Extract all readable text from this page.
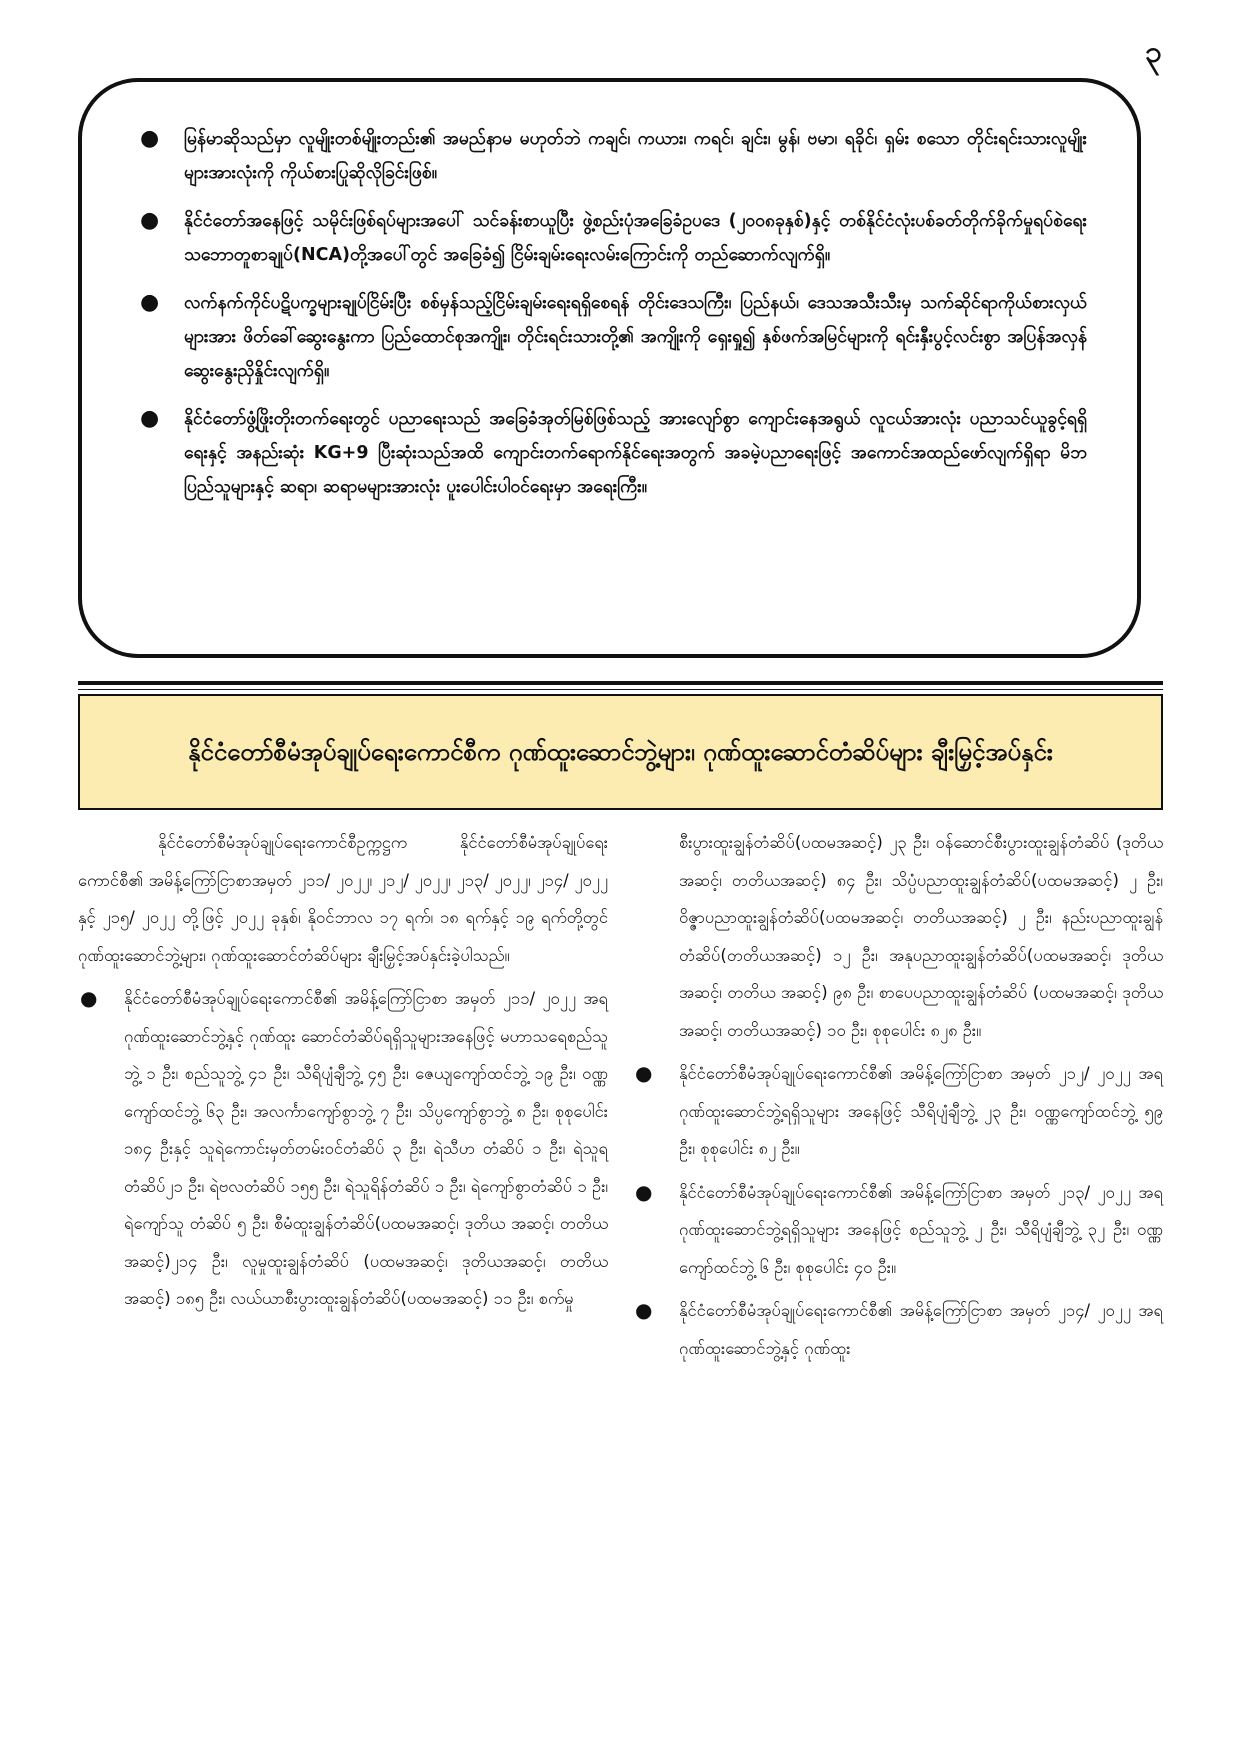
၃
● မြန်မာဆိုသည်မှာ လူမျိုးတစ်မျိုးတည်း၏ အမည်နာမ မဟုတ်ဘဲ ကချင်၊ ကယား၊ ကရင်၊ ချင်း၊ မွန်၊ ဗမာ၊ ရခိုင်၊ ရှမ်း စသော တိုင်းရင်းသားလူမျိုးများအားလုံးကို ကိုယ်စားပြုဆိုလိုခြင်းဖြစ်။
● နိုင်ငံတော်အနေဖြင့် သမိုင်းဖြစ်ရပ်များအပေါ် သင်ခန်းစာယူပြီး ဖွဲ့စည်းပုံအခြေခံဥပဒေ (၂၀၀၈ခုနှစ်)နှင့် တစ်နိုင်ငံလုံးပစ်ခတ်တိုက်ခိုက်မှုရပ်စဲရေးသဘောတူစာချုပ်(NCA)တို့အပေါ်တွင် အခြေခံ၍ ငြိမ်းချမ်းရေးလမ်းကြောင်းကို တည်ဆောက်လျက်ရှိ။
● လက်နက်ကိုင်ပဋိပက္ခများချုပ်ငြိမ်းပြီး စစ်မှန်သည့်ငြိမ်းချမ်းရေးရရှိစေရန် တိုင်းဒေသကြီး၊ ပြည်နယ်၊ ဒေသအသီးသီးမှ သက်ဆိုင်ရာကိုယ်စားလှယ်များအား ဖိတ်ခေါ်ဆွေးနွေးကာ ပြည်ထောင်စုအကျိုး၊ တိုင်းရင်းသားတို့၏ အကျိုးကို ရှေးရှု၍ နှစ်ဖက်အမြင်များကို ရင်းနှီးပွင့်လင်းစွာ အပြန်အလှန် ဆွေးနွေးညှိနှိုင်းလျက်ရှိ။
● နိုင်ငံတော်ဖွံ့ဖြိုးတိုးတက်ရေးတွင် ပညာရေးသည် အခြေခံအုတ်မြစ်ဖြစ်သည့် အားလျော်စွာ ကျောင်းနေအရွယ် လူငယ်အားလုံး ပညာသင်ယူခွင့်ရရှိရေးနှင့် အနည်းဆုံး KG+9 ပြီးဆုံးသည်အထိ ကျောင်းတက်ရောက်နိုင်ရေးအတွက် အခမဲ့ပညာရေးဖြင့် အကောင်အထည်ဖော်လျက်ရှိရာ မိဘပြည်သူများနှင့် ဆရာ၊ ဆရာမများအားလုံး ပူးပေါင်းပါဝင်ရေးမှာ အရေးကြီး။
နိုင်ငံတော်စီမံအုပ်ချုပ်ရေးကောင်စီက ဂုဏ်ထူးဆောင်ဘွဲ့များ၊ ဂုဏ်ထူးဆောင်တံဆိပ်များ ချီးမြှင့်အပ်နှင်း

နိုင်ငံတော်စီမံအုပ်ချုပ်ရေးကောင်စီဥက္ကဋ္ဌက နိုင်ငံတော်စီမံအုပ်ချုပ်ရေးကောင်စီ၏ အမိန့်ကြော်ငြာစာအမှတ် ၂၁၁/ ၂၀၂၂၊ ၂၁၂/ ၂၀၂၂၊ ၂၁၃/ ၂၀၂၂၊ ၂၁၄/ ၂၀၂၂ နှင့် ၂၁၅/ ၂၀၂၂ တို့ဖြင့် ၂၀၂၂ ခုနှစ်၊ နိုဝင်ဘာလ ၁၇ ရက်၊ ၁၈ ရက်နှင့် ၁၉ ရက်တို့တွင် ဂုဏ်ထူးဆောင်ဘွဲ့များ၊ ဂုဏ်ထူးဆောင်တံဆိပ်များ ချီးမြှင့်အပ်နှင်းခဲ့ပါသည်။

● နိုင်ငံတော်စီမံအုပ်ချုပ်ရေးကောင်စီ၏ အမိန့်ကြော်ငြာစာ အမှတ် ၂၁၁/ ၂၀၂၂ အရ ဂုဏ်ထူးဆောင်ဘွဲ့နှင့် ဂုဏ်ထူး ဆောင်တံဆိပ်ရရှိသူများအနေဖြင့် မဟာသရေစည်သူဘွဲ့ ၁ ဦး၊ စည်သူဘွဲ့ ၄၁ ဦး၊ သီရိပျံချီဘွဲ့ ၄၅ ဦး၊ ဇေယျကျော်ထင်ဘွဲ့ ၁၉ ဦး၊ ဝဏ္ဏကျော်ထင်ဘွဲ့ ၆၃ ဦး၊ အလင်္ကာကျော်စွာဘွဲ့ ၇ ဦး၊ သိပ္ပကျော်စွာဘွဲ့ ၈ ဦး၊ စုစုပေါင်း ၁၈၄ ဦးနှင့် သူရဲကောင်းမှတ်တမ်းဝင်တံဆိပ် ၃ ဦး၊ ရဲသီဟ တံဆိပ် ၁ ဦး၊ ရဲသူရတံဆိပ်၂၁ ဦး၊ ရဲဗလတံဆိပ် ၁၅၅ ဦး၊ ရဲသူရိန်တံဆိပ် ၁ ဦး၊ ရဲကျော်စွာတံဆိပ် ၁ ဦး၊ ရဲကျော်သူ တံဆိပ် ၅ ဦး၊ စီမံထူးချွန်တံဆိပ်(ပထမအဆင့်၊ ဒုတိယ အဆင့်၊ တတိယအဆင့်)၂၁၄ ဦး၊ လူမှုထူးချွန်တံဆိပ် (ပထမအဆင့်၊ ဒုတိယအဆင့်၊ တတိယအဆင့်) ၁၈၅ ဦး၊ လယ်ယာစီးပွားထူးချွန်တံဆိပ်(ပထမအဆင့်) ၁၁ ဦး၊ စက်မှု
စီးပွားထူးချွန်တံဆိပ်(ပထမအဆင့်) ၂၃ ဦး၊ ဝန်ဆောင်စီးပွားထူးချွန်တံဆိပ် (ဒုတိယအဆင့်၊ တတိယအဆင့်) ၈၄ ဦး၊ သိပ္ပံပညာထူးချွန်တံဆိပ်(ပထမအဆင့်) ၂ ဦး၊ ဝိဇ္ဇာပညာထူးချွန်တံဆိပ်(ပထမအဆင့်၊ တတိယအဆင့်) ၂ ဦး၊ နည်းပညာထူးချွန်တံဆိပ်(တတိယအဆင့်) ၁၂ ဦး၊ အနုပညာထူးချွန်တံဆိပ်(ပထမအဆင့်၊ ဒုတိယအဆင့်၊ တတိယ အဆင့်) ၉၈ ဦး၊ စာပေပညာထူးချွန်တံဆိပ် (ပထမအဆင့်၊ ဒုတိယအဆင့်၊ တတိယအဆင့်) ၁၀ ဦး၊ စုစုပေါင်း ၈၂၈ ဦး။
● နိုင်ငံတော်စီမံအုပ်ချုပ်ရေးကောင်စီ၏ အမိန့်ကြော်ငြာစာ အမှတ် ၂၁၂/ ၂၀၂၂ အရ ဂုဏ်ထူးဆောင်ဘွဲ့ရရှိသူများ အနေဖြင့် သီရိပျံချီဘွဲ့ ၂၃ ဦး၊ ဝဏ္ဏကျော်ထင်ဘွဲ့ ၅၉ ဦး၊ စုစုပေါင်း ၈၂ ဦး။
● နိုင်ငံတော်စီမံအုပ်ချုပ်ရေးကောင်စီ၏ အမိန့်ကြော်ငြာစာ အမှတ် ၂၁၃/ ၂၀၂၂ အရ ဂုဏ်ထူးဆောင်ဘွဲ့ရရှိသူများ အနေဖြင့် စည်သူဘွဲ့ ၂ ဦး၊ သီရိပျံချီဘွဲ့ ၃၂ ဦး၊ ဝဏ္ဏ ကျော်ထင်ဘွဲ့ ၆ ဦး၊ စုစုပေါင်း ၄၀ ဦး။
● နိုင်ငံတော်စီမံအုပ်ချုပ်ရေးကောင်စီ၏ အမိန့်ကြော်ငြာစာ အမှတ် ၂၁၄/ ၂၀၂၂ အရ ဂုဏ်ထူးဆောင်ဘွဲ့နှင့် ဂုဏ်ထူး
